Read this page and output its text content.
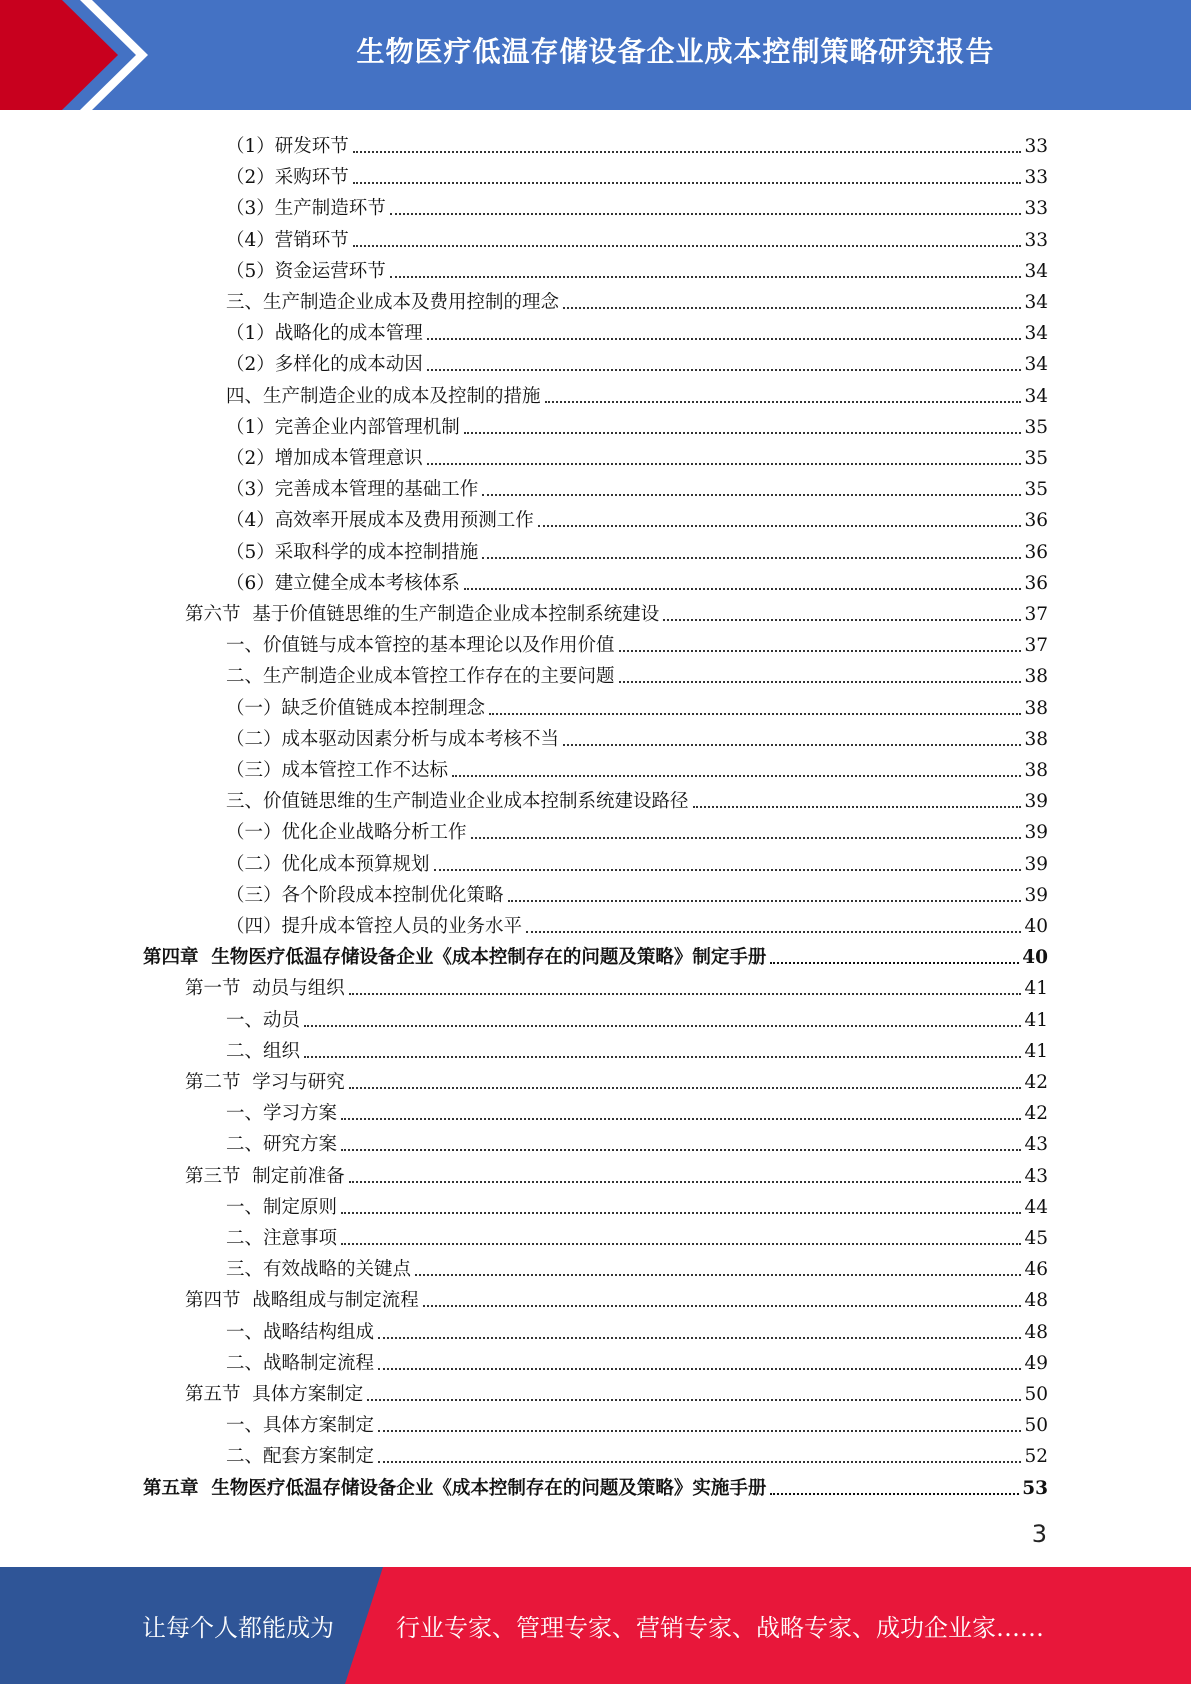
生物医疗低温存储设备企业成本控制策略研究报告
（1）研发环节	33
（2）采购环节	33
（3）生产制造环节	33
（4）营销环节	33
（5）资金运营环节	34
三、生产制造企业成本及费用控制的理念	34
（1）战略化的成本管理	34
（2）多样化的成本动因	34
四、生产制造企业的成本及控制的措施	34
（1）完善企业内部管理机制	35
（2）增加成本管理意识	35
（3）完善成本管理的基础工作	35
（4）高效率开展成本及费用预测工作	36
（5）采取科学的成本控制措施	36
（6）建立健全成本考核体系	36
第六节  基于价值链思维的生产制造企业成本控制系统建设	37
一、价值链与成本管控的基本理论以及作用价值	37
二、生产制造企业成本管控工作存在的主要问题	38
（一）缺乏价值链成本控制理念	38
（二）成本驱动因素分析与成本考核不当	38
（三）成本管控工作不达标	38
三、价值链思维的生产制造业企业成本控制系统建设路径	39
（一）优化企业战略分析工作	39
（二）优化成本预算规划	39
（三）各个阶段成本控制优化策略	39
（四）提升成本管控人员的业务水平	40
第四章  生物医疗低温存储设备企业《成本控制存在的问题及策略》制定手册	40
第一节  动员与组织	41
一、动员	41
二、组织	41
第二节  学习与研究	42
一、学习方案	42
二、研究方案	43
第三节  制定前准备	43
一、制定原则	44
二、注意事项	45
三、有效战略的关键点	46
第四节  战略组成与制定流程	48
一、战略结构组成	48
二、战略制定流程	49
第五节  具体方案制定	50
一、具体方案制定	50
二、配套方案制定	52
第五章  生物医疗低温存储设备企业《成本控制存在的问题及策略》实施手册	53
3
让每个人都能成为	行业专家、管理专家、营销专家、战略专家、成功企业家……
